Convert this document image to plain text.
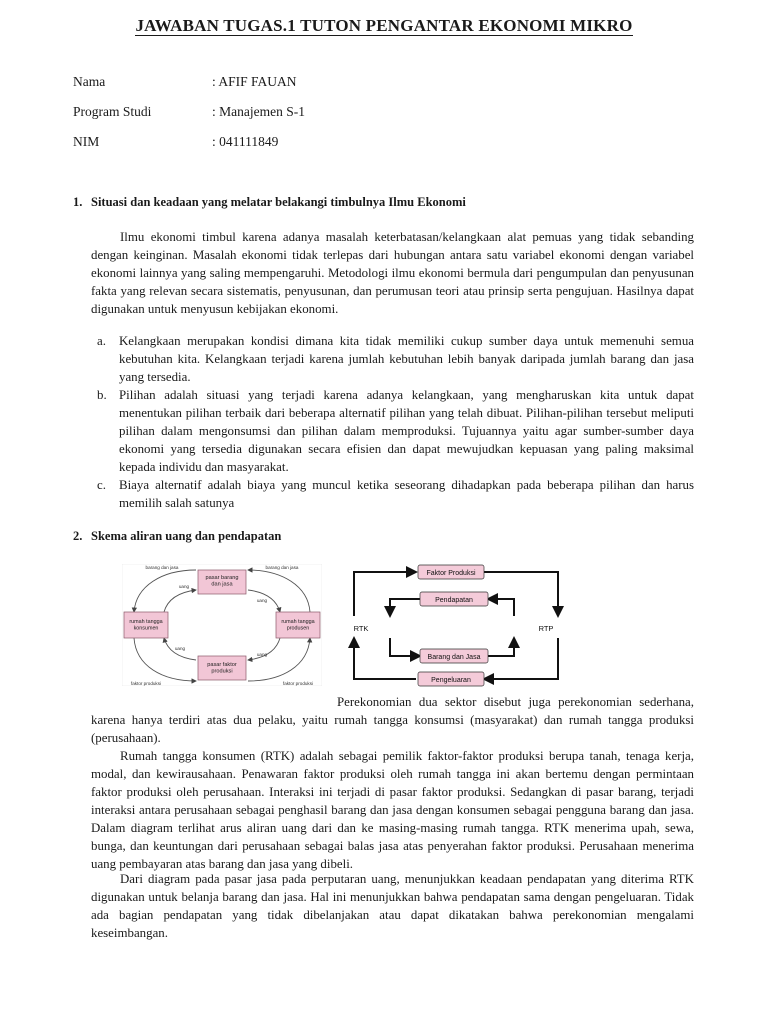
JAWABAN TUGAS.1 TUTON PENGANTAR EKONOMI MIKRO
Nama	: AFIF FAUAN
Program Studi	: Manajemen S-1
NIM	: 041111849
1. Situasi dan keadaan yang melatar belakangi timbulnya Ilmu Ekonomi

Ilmu ekonomi timbul karena adanya masalah keterbatasan/kelangkaan alat pemuas yang tidak sebanding dengan keinginan. Masalah ekonomi tidak terlepas dari hubungan antara satu variabel ekonomi dengan variabel ekonomi lainnya yang saling mempengaruhi. Metodologi ilmu ekonomi bermula dari pengumpulan dan penyusunan fakta yang relevan secara sistematis, penyusunan, dan perumusan teori atau prinsip serta pengujuan. Hasilnya dapat digunakan untuk menyusun kebijakan ekonomi.

a. Kelangkaan merupakan kondisi dimana kita tidak memiliki cukup sumber daya untuk memenuhi semua kebutuhan kita. Kelangkaan terjadi karena jumlah kebutuhan lebih banyak daripada jumlah barang dan jasa yang tersedia.
b. Pilihan adalah situasi yang terjadi karena adanya kelangkaan, yang mengharuskan kita untuk dapat menentukan pilihan terbaik dari beberapa alternatif pilihan yang telah dibuat. Pilihan-pilihan tersebut meliputi pilihan dalam mengonsumsi dan pilihan dalam memproduksi. Tujuannya yaitu agar sumber-sumber daya ekonomi yang tersedia digunakan secara efisien dan dapat mewujudkan kepuasan yang paling maksimal kepada individu dan masyarakat.
c. Biaya alternatif adalah biaya yang muncul ketika seseorang dihadapkan pada beberapa pilihan dan harus memilih salah satunya
2. Skema aliran uang dan pendapatan
pasar barang dan jasa
pasar faktor produksi
rumah tangga konsumen
rumah tangga produsen
barang dan jasa	barang dan jasa
uang
uang
uang
uang
faktor produksi	faktor produksi
Faktor Produksi
Pendapatan
Barang dan Jasa
Pengeluaran
RTK	RTP

Perekonomian dua sektor disebut juga perekonomian sederhana, karena hanya terdiri atas dua pelaku, yaitu rumah tangga konsumsi (masyarakat) dan rumah tangga produksi (perusahaan).

Rumah tangga konsumen (RTK) adalah sebagai pemilik faktor-faktor produksi berupa tanah, tenaga kerja, modal, dan kewirausahaan. Penawaran faktor produksi oleh rumah tangga ini akan bertemu dengan permintaan faktor produksi oleh perusahaan. Interaksi ini terjadi di pasar faktor produksi. Sedangkan di pasar barang, terjadi interaksi antara perusahaan sebagai penghasil barang dan jasa dengan konsumen sebagai pengguna barang dan jasa. Dalam diagram terlihat arus aliran uang dari dan ke masing-masing rumah tangga. RTK menerima upah, sewa, bunga, dan keuntungan dari perusahaan sebagai balas jasa atas penyerahan faktor produksi. Perusahaan menerima uang pembayaran atas barang dan jasa yang dibeli.

Dari diagram pada pasar jasa pada perputaran uang, menunjukkan keadaan pendapatan yang diterima RTK digunakan untuk belanja barang dan jasa. Hal ini menunjukkan bahwa pendapatan sama dengan pengeluaran. Tidak ada bagian pendapatan yang tidak dibelanjakan atau dapat dikatakan bahwa perekonomian mengalami keseimbangan.
